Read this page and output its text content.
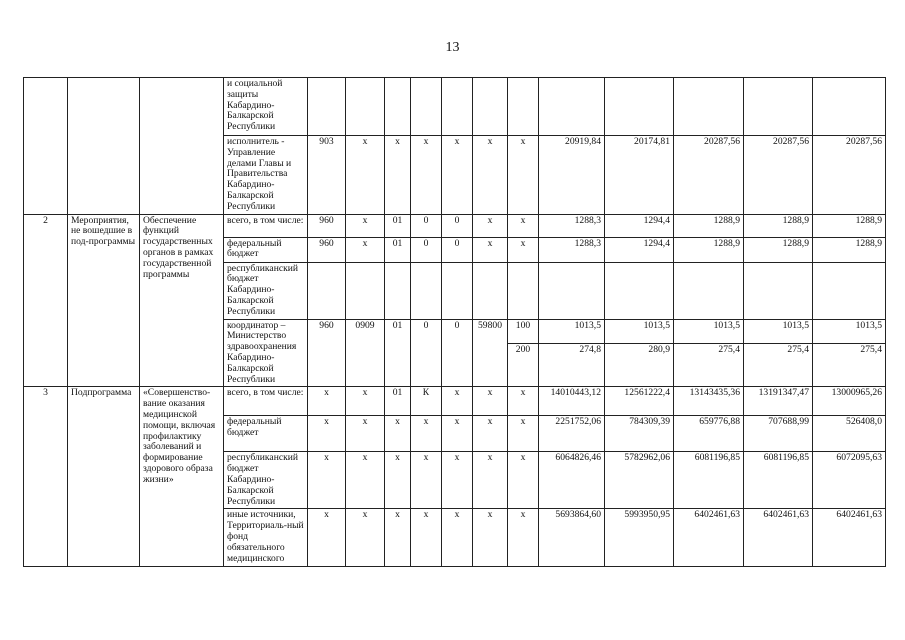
13
			и социальной защиты Кабардино-Балкарской Республики												
			исполнитель - Управление делами Главы и Правительства Кабардино-Балкарской Республики	903	х	х	х	х	х	х	20919,84	20174,81	20287,56	20287,56	20287,56
2	Мероприятия, не вошедшие в под-программы	Обеспечение функций государственных органов в рамках государственной программы	всего, в том числе:	960	х	01	0	0	х	х	1288,3	1294,4	1288,9	1288,9	1288,9
			федеральный бюджет	960	х	01	0	0	х	х	1288,3	1294,4	1288,9	1288,9	1288,9
			республиканский бюджет Кабардино-Балкарской Республики												
			координатор – Министерство здравоохранения Кабардино-Балкарской Республики	960	0909	01	0	0	59800	100	1013,5	1013,5	1013,5	1013,5	1013,5
										200	274,8	280,9	275,4	275,4	275,4
3	Подпрограмма	«Совершенство-вание оказания медицинской помощи, включая профилактику заболеваний и формирование здорового образа жизни»	всего, в том числе:	х	х	01	К	х	х	х	14010443,12	12561222,4	13143435,36	13191347,47	13000965,26
			федеральный бюджет	х	х	х	х	х	х	х	2251752,06	784309,39	659776,88	707688,99	526408,0
			республиканский бюджет Кабардино-Балкарской Республики	х	х	х	х	х	х	х	6064826,46	5782962,06	6081196,85	6081196,85	6072095,63
			иные источники, Территориаль-ный фонд обязательного медицинского	х	х	х	х	х	х	х	5693864,60	5993950,95	6402461,63	6402461,63	6402461,63
